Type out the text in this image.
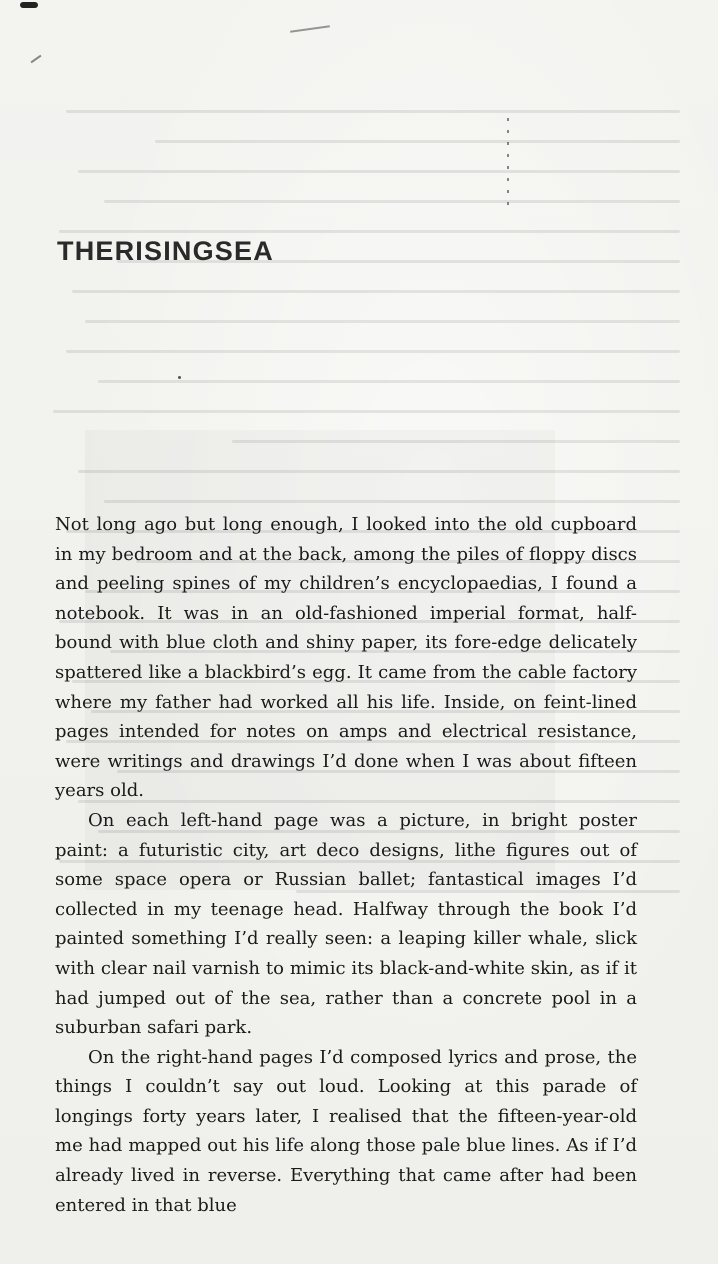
THERISINGSEA

Not long ago but long enough, I looked into the old cupboard in my bedroom and at the back, among the piles of floppy discs and peeling spines of my children’s encyclopaedias, I found a notebook. It was in an old-fashioned imperial format, half-bound with blue cloth and shiny paper, its fore-edge delicately spattered like a blackbird’s egg. It came from the cable factory where my father had worked all his life. Inside, on feint-lined pages intended for notes on amps and electrical resistance, were writings and drawings I’d done when I was about fifteen years old.

On each left-hand page was a picture, in bright poster paint: a futuristic city, art deco designs, lithe figures out of some space opera or Russian ballet; fantastical images I’d collected in my teenage head. Halfway through the book I’d painted something I’d really seen: a leaping killer whale, slick with clear nail varnish to mimic its black-and-white skin, as if it had jumped out of the sea, rather than a concrete pool in a suburban safari park.

On the right-hand pages I’d composed lyrics and prose, the things I couldn’t say out loud. Looking at this parade of longings forty years later, I realised that the fifteen-year-old me had mapped out his life along those pale blue lines. As if I’d already lived in reverse. Everything that came after had been entered in that blue
